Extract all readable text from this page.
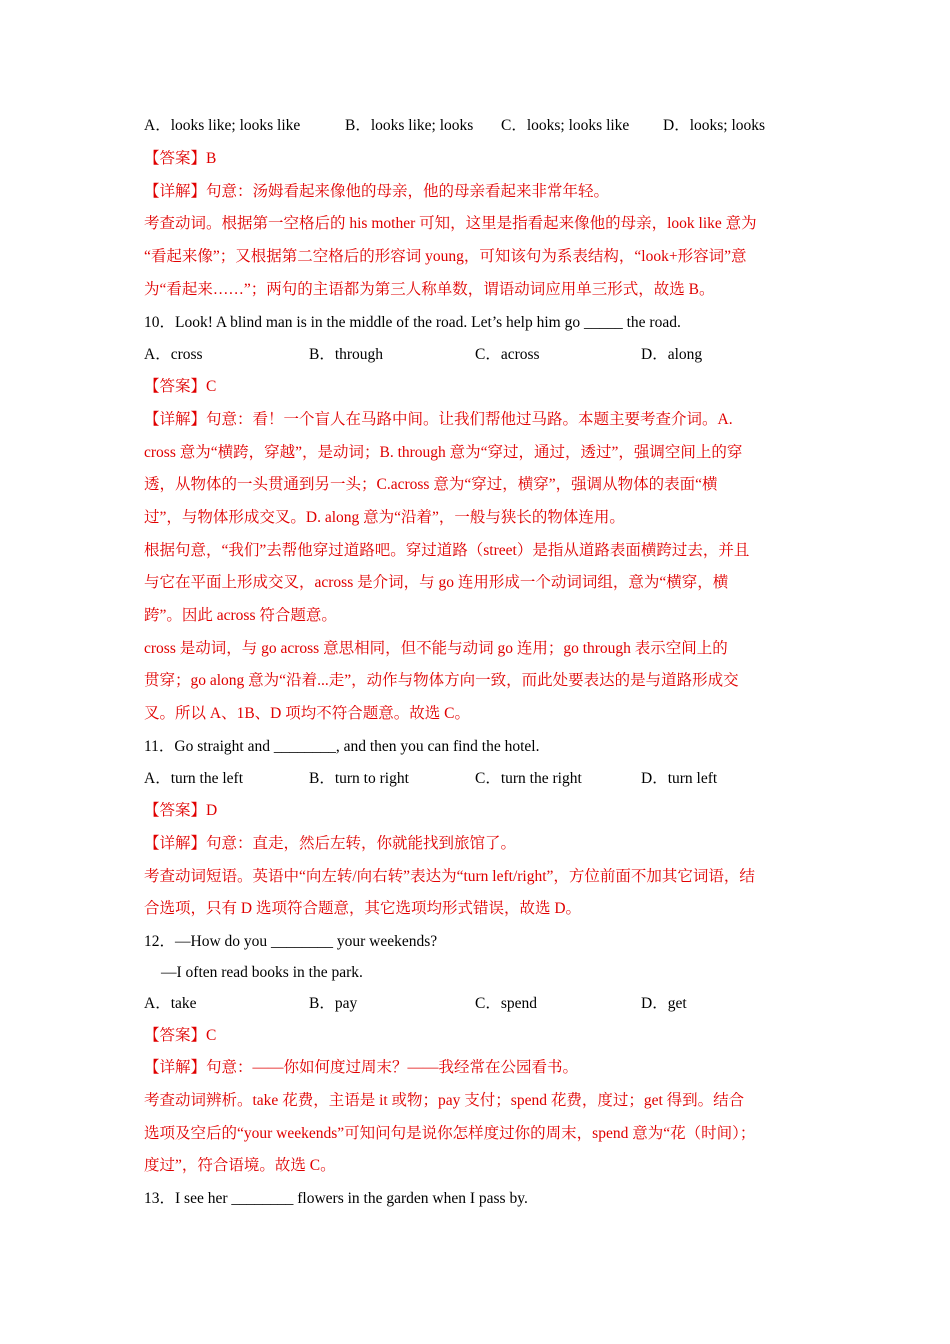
A．looks like; looks like	B．looks like; looks C．looks; looks like D．looks; looks
【答案】B
【详解】句意：汤姆看起来像他的母亲，他的母亲看起来非常年轻。
考查动词。根据第一空格后的 his mother 可知，这里是指看起来像他的母亲，look like 意为
“看起来像”；又根据第二空格后的形容词 young，可知该句为系表结构，“look+形容词”意
为“看起来……”；两句的主语都为第三人称单数，谓语动词应用单三形式，故选 B。
10．Look! A blind man is in the middle of the road. Let’s help him go _____ the road.
A．cross	B．through	C．across	D．along
【答案】C
【详解】句意：看！一个盲人在马路中间。让我们帮他过马路。本题主要考查介词。A.
cross 意为“横跨，穿越”，是动词；B. through 意为“穿过，通过，透过”，强调空间上的穿
透，从物体的一头贯通到另一头；C.across 意为“穿过，横穿”，强调从物体的表面“横
过”，与物体形成交叉。D. along 意为“沿着”，一般与狭长的物体连用。
根据句意，“我们”去帮他穿过道路吧。穿过道路（street）是指从道路表面横跨过去，并且
与它在平面上形成交叉，across 是介词，与 go 连用形成一个动词词组，意为“横穿，横
跨”。因此 across 符合题意。
cross 是动词，与 go across 意思相同，但不能与动词 go 连用；go through 表示空间上的
贯穿；go along 意为“沿着...走”，动作与物体方向一致，而此处要表达的是与道路形成交
叉。所以 A、1B、D 项均不符合题意。故选 C。
11．Go straight and ________, and then you can find the hotel.
A．turn the left	B．turn to right	C．turn the right	D．turn left
【答案】D
【详解】句意：直走，然后左转，你就能找到旅馆了。
考查动词短语。英语中“向左转/向右转”表达为“turn left/right”，方位前面不加其它词语，结
合选项，只有 D 选项符合题意，其它选项均形式错误，故选 D。
12．—How do you ________ your weekends?
—I often read books in the park.
A．take	B．pay	C．spend	D．get
【答案】C
【详解】句意：——你如何度过周末？——我经常在公园看书。
考查动词辨析。take 花费，主语是 it 或物；pay 支付；spend 花费，度过；get 得到。结合
选项及空后的“your weekends”可知问句是说你怎样度过你的周末，spend 意为“花（时间）；
度过”，符合语境。故选 C。
13．I see her ________ flowers in the garden when I pass by.
